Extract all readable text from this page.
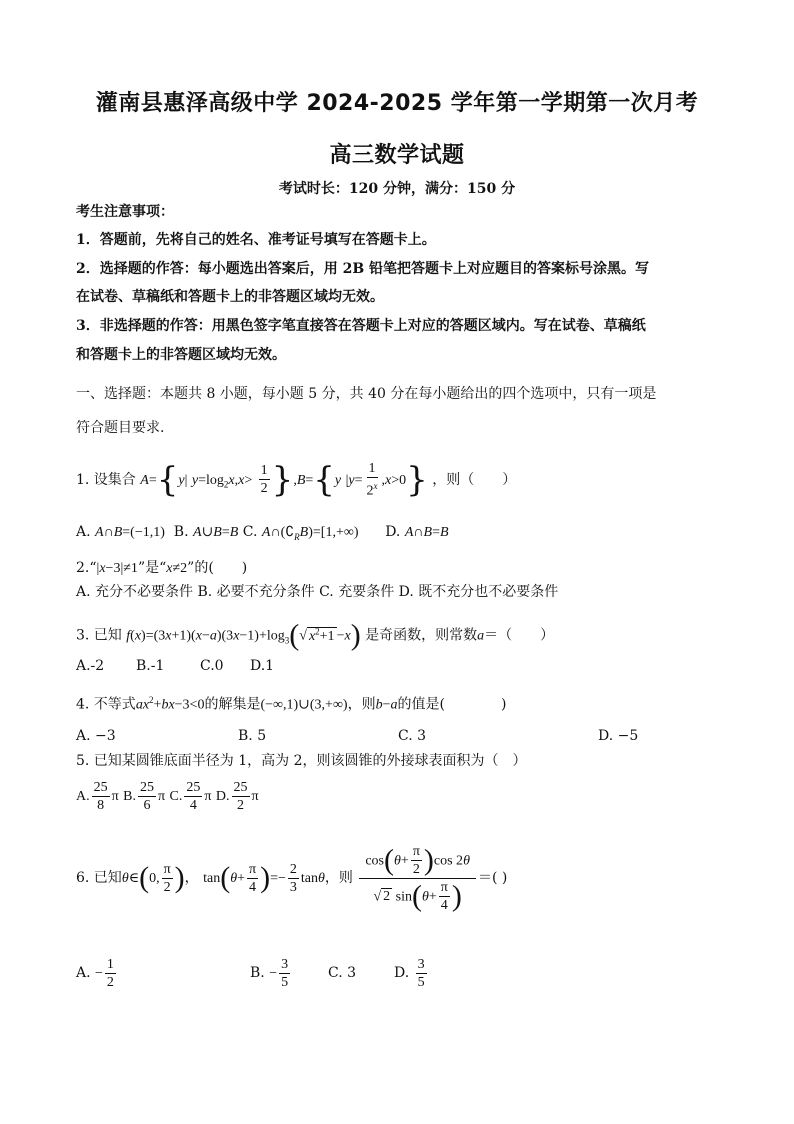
灌南县惠泽高级中学 2024-2025 学年第一学期第一次月考
高三数学试题
考试时长：120 分钟，满分：150 分
考生注意事项：
1．答题前，先将自己的姓名、准考证号填写在答题卡上。
2．选择题的作答：每小题选出答案后，用 2B 铅笔把答题卡上对应题目的答案标号涂黑。写
在试卷、草稿纸和答题卡上的非答题区域均无效。
3．非选择题的作答：用黑色签字笔直接答在答题卡上对应的答题区域内。写在试卷、草稿纸
和答题卡上的非答题区域均无效。
一、选择题：本题共 8 小题，每小题 5 分，共 40 分在每小题给出的四个选项中，只有一项是
符合题目要求.
1. 设集合 A={y| $y=\log_2x,x> \frac{1}{2} \},B=\{y$ $|y= \frac{1}{2^x} ,x>0$} ，则（　　）
A. A∩B=(−1,1) B. A∪B=B C. $A\cap(∁_RB)=[1,+\infty)$ D. A∩B=B
2.“|x−3|≠1”是“x≠2”的(　　)
A. 充分不必要条件 B. 必要不充分条件 C. 充要条件 D. 既不充分也不必要条件
3. 已知 $f(x)=(3x+1)(x-a)(3x-1)+\log_3(√$ $x^2+1 -x$) 是奇函数，则常数a＝（　　）
A.-2 B.-1	C.0 D.1
4. 不等式$ax^2+bx-3<0$的解集是(−∞,1)∪(3,+∞)，则b−a的值是(　　　　)
A. −3	B. 5	C. 3	D. −5
5. 已知某圆锥底面半径为 1，高为 2，则该圆锥的外接球表面积为（　）
A. $\frac{25}{8}$ π B. $\frac{25}{6}$ π C. $\frac{25}{4}$ π D. $\frac{25}{2}$ π
6. 已知θ∈(0, $\frac{\pi}{2}$ )， $\tan(\theta+ \frac{\pi}{4}$ )=− $\frac{2}{3}$ tanθ，则 $\frac{\cos(\theta+ \frac{\pi}{2} )\cos 2\theta}{√ 2 \sin(\theta+ \frac{\pi}{4} )}$ ＝( )
A. − $\frac{1}{2}$	B. − $\frac{3}{5}$	C. 3	D. $\frac{3}{5}$
